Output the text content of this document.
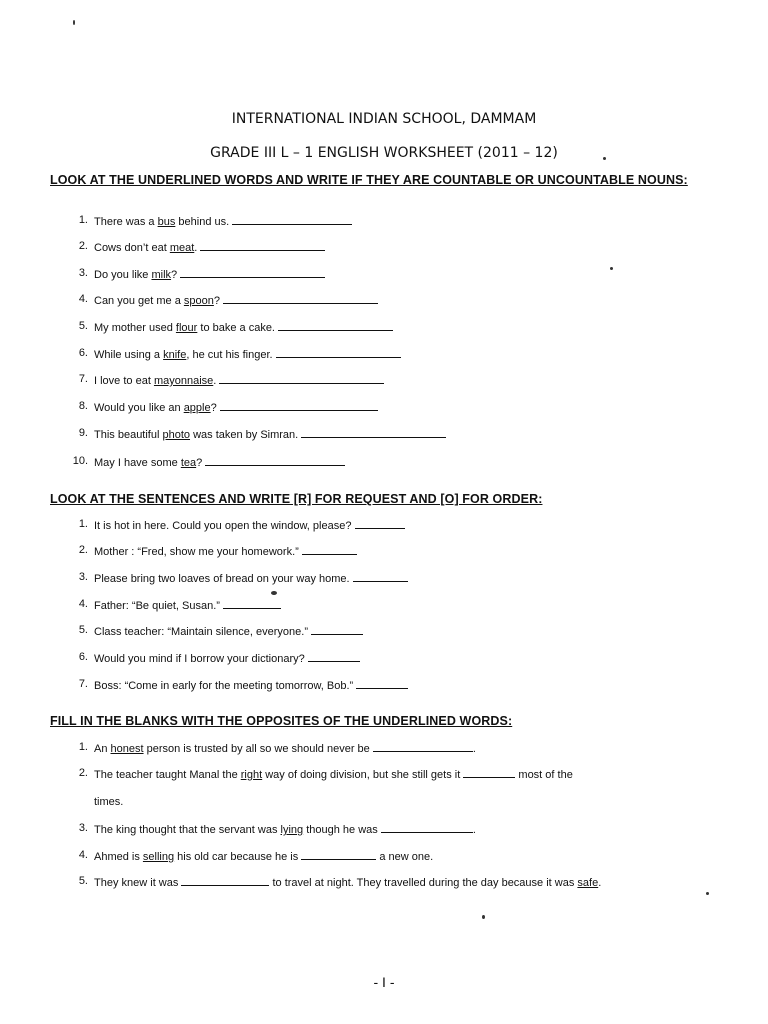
INTERNATIONAL INDIAN SCHOOL, DAMMAM
GRADE III L – 1 ENGLISH WORKSHEET (2011 – 12)
LOOK AT THE UNDERLINED WORDS AND WRITE IF THEY ARE COUNTABLE OR UNCOUNTABLE NOUNS:
1. There was a bus behind us.
2. Cows don’t eat meat.
3. Do you like milk?
4. Can you get me a spoon?
5. My mother used flour to bake a cake.
6. While using a knife, he cut his finger.
7. I love to eat mayonnaise.
8. Would you like an apple?
9. This beautiful photo was taken by Simran.
10. May I have some tea?
LOOK AT THE SENTENCES AND WRITE [R] FOR REQUEST AND [O] FOR ORDER:
1. It is hot in here. Could you open the window, please?
2. Mother : “Fred, show me your homework.”
3. Please bring two loaves of bread on your way home.
4. Father: “Be quiet, Susan.”
5. Class teacher: “Maintain silence, everyone.”
6. Would you mind if I borrow your dictionary?
7. Boss: “Come in early for the meeting tomorrow, Bob.”
FILL IN THE BLANKS WITH THE OPPOSITES OF THE UNDERLINED WORDS:
1. An honest person is trusted by all so we should never be	.
2. The teacher taught Manal the right way of doing division, but she still gets it	most of the
times.
3. The king thought that the servant was lying though he was	.
4. Ahmed is selling his old car because he is	a new one.
5. They knew it was	to travel at night. They travelled during the day because it was safe.
- I -
